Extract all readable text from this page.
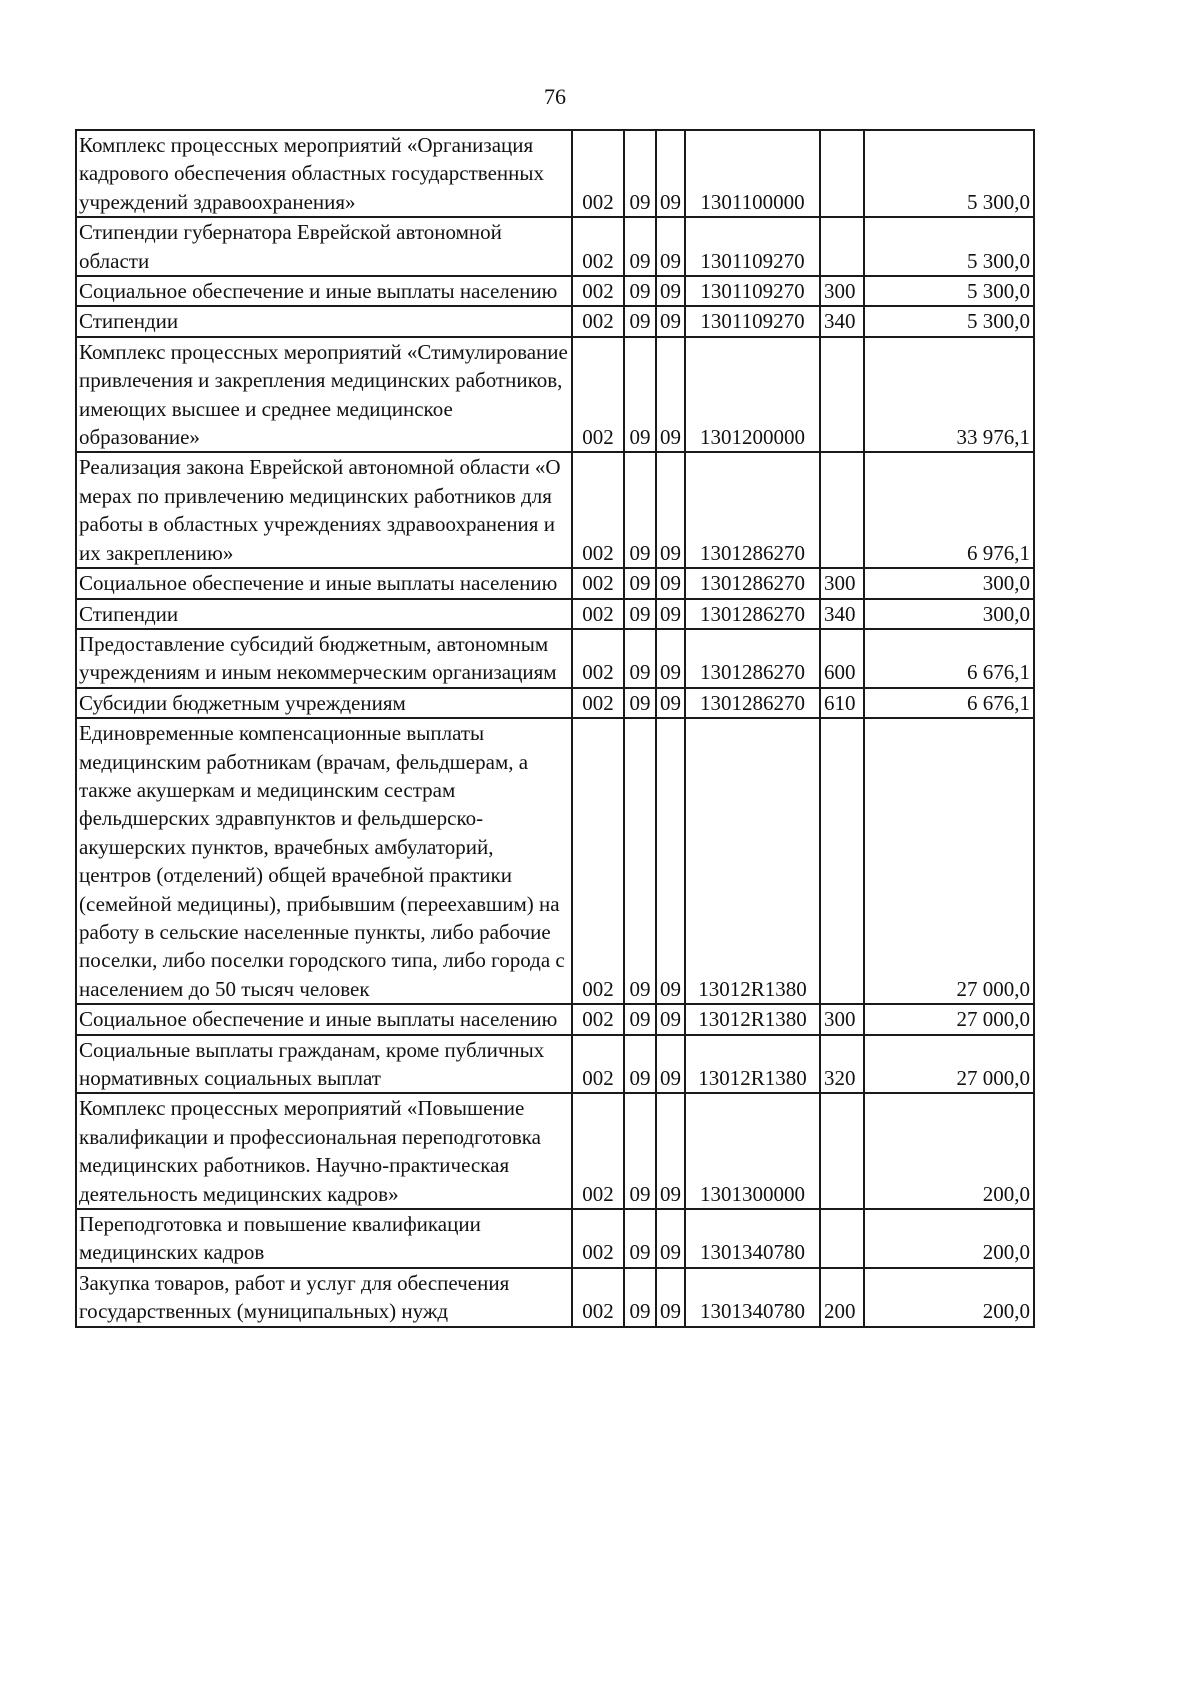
76
Комплекс процессных мероприятий «Организация кадрового обеспечения областных государственных учреждений здравоохранения»	002	09	09	1301100000		5 300,0
Стипендии губернатора Еврейской автономной области	002	09	09	1301109270		5 300,0
Социальное обеспечение и иные выплаты населению	002	09	09	1301109270	300	5 300,0
Стипендии	002	09	09	1301109270	340	5 300,0
Комплекс процессных мероприятий «Стимулирование привлечения и закрепления медицинских работников, имеющих высшее и среднее медицинское образование»	002	09	09	1301200000		33 976,1
Реализация закона Еврейской автономной области «О мерах по привлечению медицинских работников для работы в областных учреждениях здравоохранения и их закреплению»	002	09	09	1301286270		6 976,1
Социальное обеспечение и иные выплаты населению	002	09	09	1301286270	300	300,0
Стипендии	002	09	09	1301286270	340	300,0
Предоставление субсидий бюджетным, автономным учреждениям и иным некоммерческим организациям	002	09	09	1301286270	600	6 676,1
Субсидии бюджетным учреждениям	002	09	09	1301286270	610	6 676,1
Единовременные компенсационные выплаты медицинским работникам (врачам, фельдшерам, а также акушеркам и медицинским сестрам фельдшерских здравпунктов и фельдшерско-акушерских пунктов, врачебных амбулаторий, центров (отделений) общей врачебной практики (семейной медицины), прибывшим (переехавшим) на работу в сельские населенные пункты, либо рабочие поселки, либо поселки городского типа, либо города с населением до 50 тысяч человек	002	09	09	13012R1380		27 000,0
Социальное обеспечение и иные выплаты населению	002	09	09	13012R1380	300	27 000,0
Социальные выплаты гражданам, кроме публичных нормативных социальных выплат	002	09	09	13012R1380	320	27 000,0
Комплекс процессных мероприятий «Повышение квалификации и профессиональная переподготовка медицинских работников. Научно-практическая деятельность медицинских кадров»	002	09	09	1301300000		200,0
Переподготовка и повышение квалификации медицинских кадров	002	09	09	1301340780		200,0
Закупка товаров, работ и услуг для обеспечения государственных (муниципальных) нужд	002	09	09	1301340780	200	200,0
